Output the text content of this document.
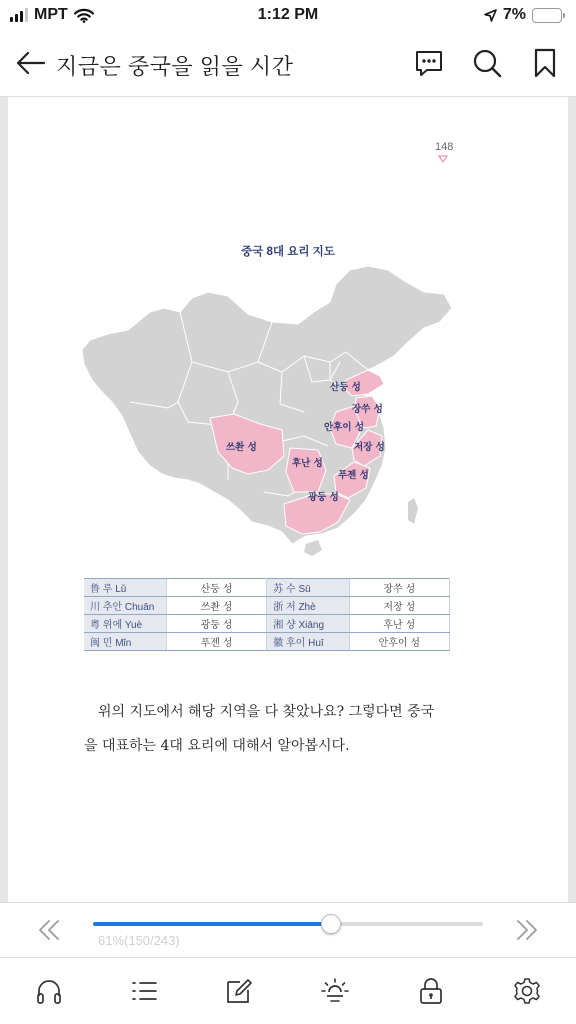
MPT	1:12 PM	7%
지금은 중국을 읽을 시간
148
중국 8대 요리 지도
산둥 성
장쑤 성
안후이 성
쓰촨 성	저장 성
후난 성
푸젠 성
광둥 성
鲁 루 Lǔ	산둥 성	苏 수 Sū	장쑤 성
川 추안 Chuān	쓰촨 성	浙 저 Zhè	저장 성
粤 위에 Yuè	광둥 성	湘 샹 Xiāng	후난 성
闽 민 Mǐn	푸젠 성	徽 후이 Huī	안후이 성

위의 지도에서 해당 지역을 다 찾았나요? 그렇다면 중국

을 대표하는 4대 요리에 대해서 알아봅시다.
61%(150/243)
